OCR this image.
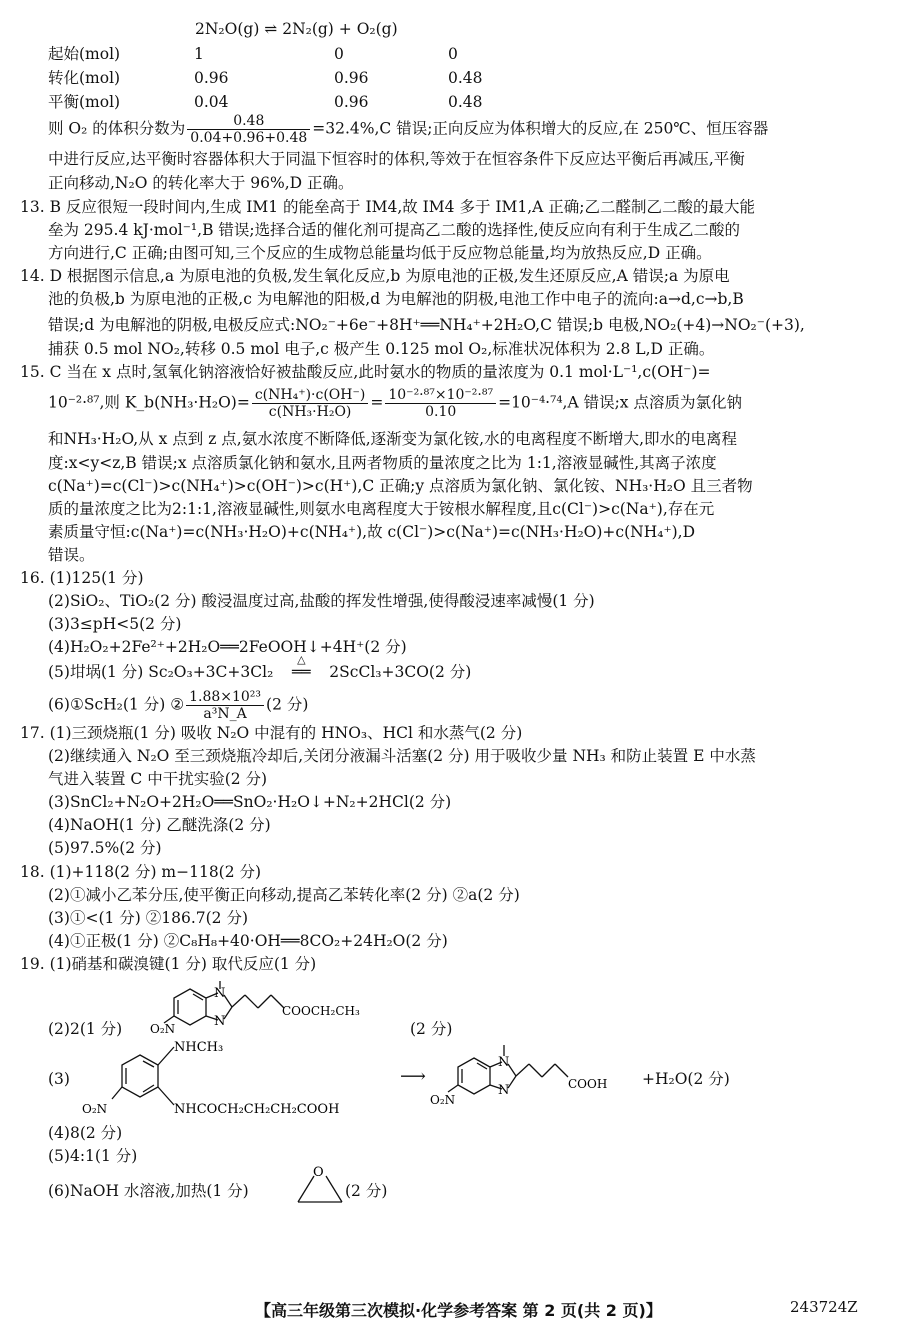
2N₂O(g) ⇌ 2N₂(g) + O₂(g)
起始(mol)	1	0	0
转化(mol)	0.96	0.96	0.48
平衡(mol)	0.04	0.96	0.48
则 O₂ 的体积分数为 $\frac{0.48}{0.04+0.96+0.48} =32.4\%,C$ 错误;正向反应为体积增大的反应,在 250℃、恒压容器
中进行反应,达平衡时容器体积大于同温下恒容时的体积,等效于在恒容条件下反应达平衡后再减压,平衡
正向移动,N₂O 的转化率大于 96%,D 正确。
13. B 反应很短一段时间内,生成 IM1 的能垒高于 IM4,故 IM4 多于 IM1,A 正确;乙二醛制乙二酸的最大能
垒为 295.4 kJ·mol⁻¹,B 错误;选择合适的催化剂可提高乙二酸的选择性,使反应向有利于生成乙二酸的
方向进行,C 正确;由图可知,三个反应的生成物总能量均低于反应物总能量,均为放热反应,D 正确。
14. D 根据图示信息,a 为原电池的负极,发生氧化反应,b 为原电池的正极,发生还原反应,A 错误;a 为原电
池的负极,b 为原电池的正极,c 为电解池的阳极,d 为电解池的阴极,电池工作中电子的流向:a→d,c→b,B
错误;d 为电解池的阴极,电极反应式:NO₂⁻+6e⁻+8H⁺══NH₄⁺+2H₂O,C 错误;b 电极,NO₂(+4)→NO₂⁻(+3),
捕获 0.5 mol NO₂,转移 0.5 mol 电子,c 极产生 0.125 mol O₂,标准状况体积为 2.8 L,D 正确。
15. C 当在 x 点时,氢氧化钠溶液恰好被盐酸反应,此时氨水的物质的量浓度为 0.1 mol·L⁻¹,c(OH⁻)=
10⁻²·⁸⁷,则 K_b(NH₃·H₂O)= $\frac{\text{c(NH₄⁺)·c(OH⁻)}}{\text{c(NH₃·H₂O)}} = \frac{\text{10⁻²·⁸⁷×10⁻²·⁸⁷}}{0.10} =10^{-4}\cdot^{74},A$ 错误;x 点溶质为氯化钠
和NH₃·H₂O,从 x 点到 z 点,氨水浓度不断降低,逐渐变为氯化铵,水的电离程度不断增大,即水的电离程
度:x<y<z,B 错误;x 点溶质氯化钠和氨水,且两者物质的量浓度之比为 1:1,溶液显碱性,其离子浓度
c(Na⁺)=c(Cl⁻)>c(NH₄⁺)>c(OH⁻)>c(H⁺),C 正确;y 点溶质为氯化钠、氯化铵、NH₃·H₂O 且三者物
质的量浓度之比为2:1:1,溶液显碱性,则氨水电离程度大于铵根水解程度,且c(Cl⁻)>c(Na⁺),存在元
素质量守恒:c(Na⁺)=c(NH₃·H₂O)+c(NH₄⁺),故 c(Cl⁻)>c(Na⁺)=c(NH₃·H₂O)+c(NH₄⁺),D
错误。
16. (1)125(1 分)
(2)SiO₂、TiO₂(2 分) 酸浸温度过高,盐酸的挥发性增强,使得酸浸速率减慢(1 分)
(3)3≤pH<5(2 分)
(4)H₂O₂+2Fe²⁺+2H₂O══2FeOOH↓+4H⁺(2 分)
(5)坩埚(1 分) Sc₂O₃+3C+3Cl₂
△
══ 2ScCl₃+3CO(2 分)
(6)①ScH₂(1 分) ② $\frac{\text{1.88×10²³}}{\text{a³N\_A}} (2$ 分)
17. (1)三颈烧瓶(1 分) 吸收 N₂O 中混有的 HNO₃、HCl 和水蒸气(2 分)
(2)继续通入 N₂O 至三颈烧瓶冷却后,关闭分液漏斗活塞(2 分) 用于吸收少量 NH₃ 和防止装置 E 中水蒸
气进入装置 C 中干扰实验(2 分)
(3)SnCl₂+N₂O+2H₂O══SnO₂·H₂O↓+N₂+2HCl(2 分)
(4)NaOH(1 分) 乙醚洗涤(2 分)
(5)97.5%(2 分)
18. (1)+118(2 分) m−118(2 分)
(2)①减小乙苯分压,使平衡正向移动,提高乙苯转化率(2 分) ②a(2 分)
(3)①<(1 分) ②186.7(2 分)
(4)①正极(1 分) ②C₈H₈+40·OH══8CO₂+24H₂O(2 分)
19. (1)硝基和碳溴键(1 分) 取代反应(1 分)
(2)2(1 分)	(2 分)
(3)	+H₂O(2 分)
(4)8(2 分)
(5)4:1(1 分)
(6)NaOH 水溶液,加热(1 分)	(2 分)
N
N
O₂N
COOCH₂CH₃
NHCH₃
NHCOCH₂CH₂CH₂COOH
O₂N
⟶
N
N
O₂N
COOH
O
【高三年级第三次模拟·化学参考答案 第 2 页(共 2 页)】	243724Z
